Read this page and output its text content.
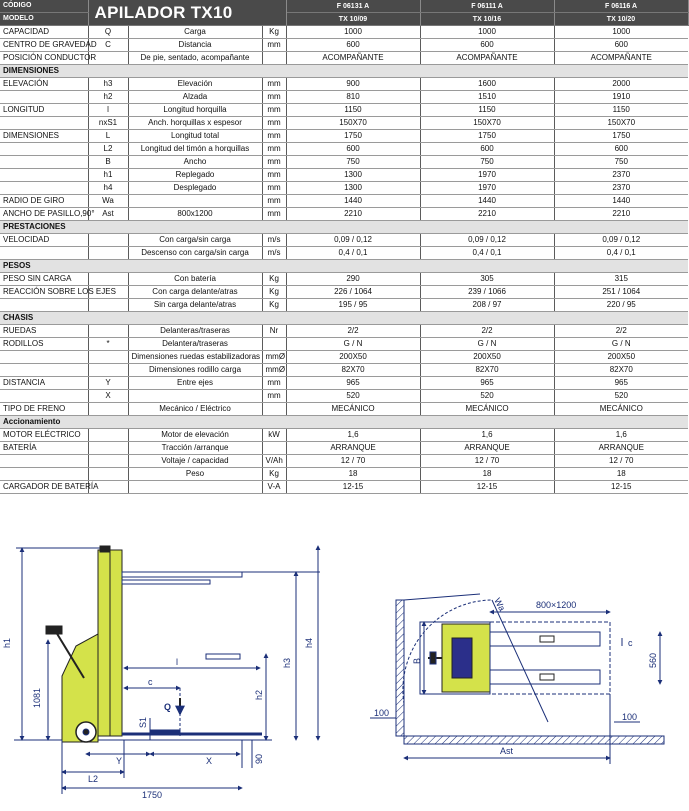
CÓDIGO	APILADOR TX10			F 06131 A	F 06111 A	F 06116 A
MODELO				TX 10/09	TX 10/16	TX 10/20
CAPACIDAD	Q	Carga	Kg	1000	1000	1000
CENTRO DE GRAVEDAD	C	Distancia	mm	600	600	600
POSICIÓN CONDUCTOR		De pie, sentado, acompañante		ACOMPAÑANTE	ACOMPAÑANTE	ACOMPAÑANTE
DIMENSIONES						
ELEVACIÓN	h3	Elevación	mm	900	1600	2000
	h2	Alzada	mm	810	1510	1910
LONGITUD	l	Longitud horquilla	mm	1150	1150	1150
	nxS1	Anch. horquillas x espesor	mm	150X70	150X70	150X70
DIMENSIONES	L	Longitud total	mm	1750	1750	1750
	L2	Longitud del timón a horquillas	mm	600	600	600
	B	Ancho	mm	750	750	750
	h1	Replegado	mm	1300	1970	2370
	h4	Desplegado	mm	1300	1970	2370
RADIO DE GIRO	Wa		mm	1440	1440	1440
ANCHO DE PASILLO,90°	Ast	800x1200	mm	2210	2210	2210
PRESTACIONES						
VELOCIDAD		Con carga/sin carga	m/s	0,09 / 0,12	0,09 / 0,12	0,09 / 0,12
		Descenso con carga/sin carga	m/s	0,4 / 0,1	0,4 / 0,1	0,4 / 0,1
PESOS						
PESO SIN CARGA		Con batería	Kg	290	305	315
REACCIÓN SOBRE LOS EJES		Con carga delante/atras	Kg	226 / 1064	239 / 1066	251 / 1064
		Sin carga delante/atras	Kg	195 / 95	208 / 97	220 / 95
CHASIS						
RUEDAS		Delanteras/traseras	Nr	2/2	2/2	2/2
RODILLOS	*	Delantera/traseras		G / N	G / N	G / N
		Dimensiones ruedas estabilizadoras	mmØ	200X50	200X50	200X50
		Dimensiones rodillo carga	mmØ	82X70	82X70	82X70
DISTANCIA	Y	Entre ejes	mm	965	965	965
	X		mm	520	520	520
TIPO DE FRENO		Mecánico / Eléctrico		MECÁNICO	MECÁNICO	MECÁNICO
Accionamiento						
MOTOR ELÉCTRICO		Motor de elevación	kW	1,6	1,6	1,6
BATERÍA		Tracción /arranque		ARRANQUE	ARRANQUE	ARRANQUE
		Voltaje / capacidad	V/Ah	12 / 70	12 / 70	12 / 70
		Peso	Kg	18	18	18
CARGADOR DE BATERÍA			V-A	12-15	12-15	12-15
h1
1081
h4
h3
h2
l
c
Q
S1
Y	X
L2
1750
90
Wa	800×1200
B
c
560
100	100
Ast
